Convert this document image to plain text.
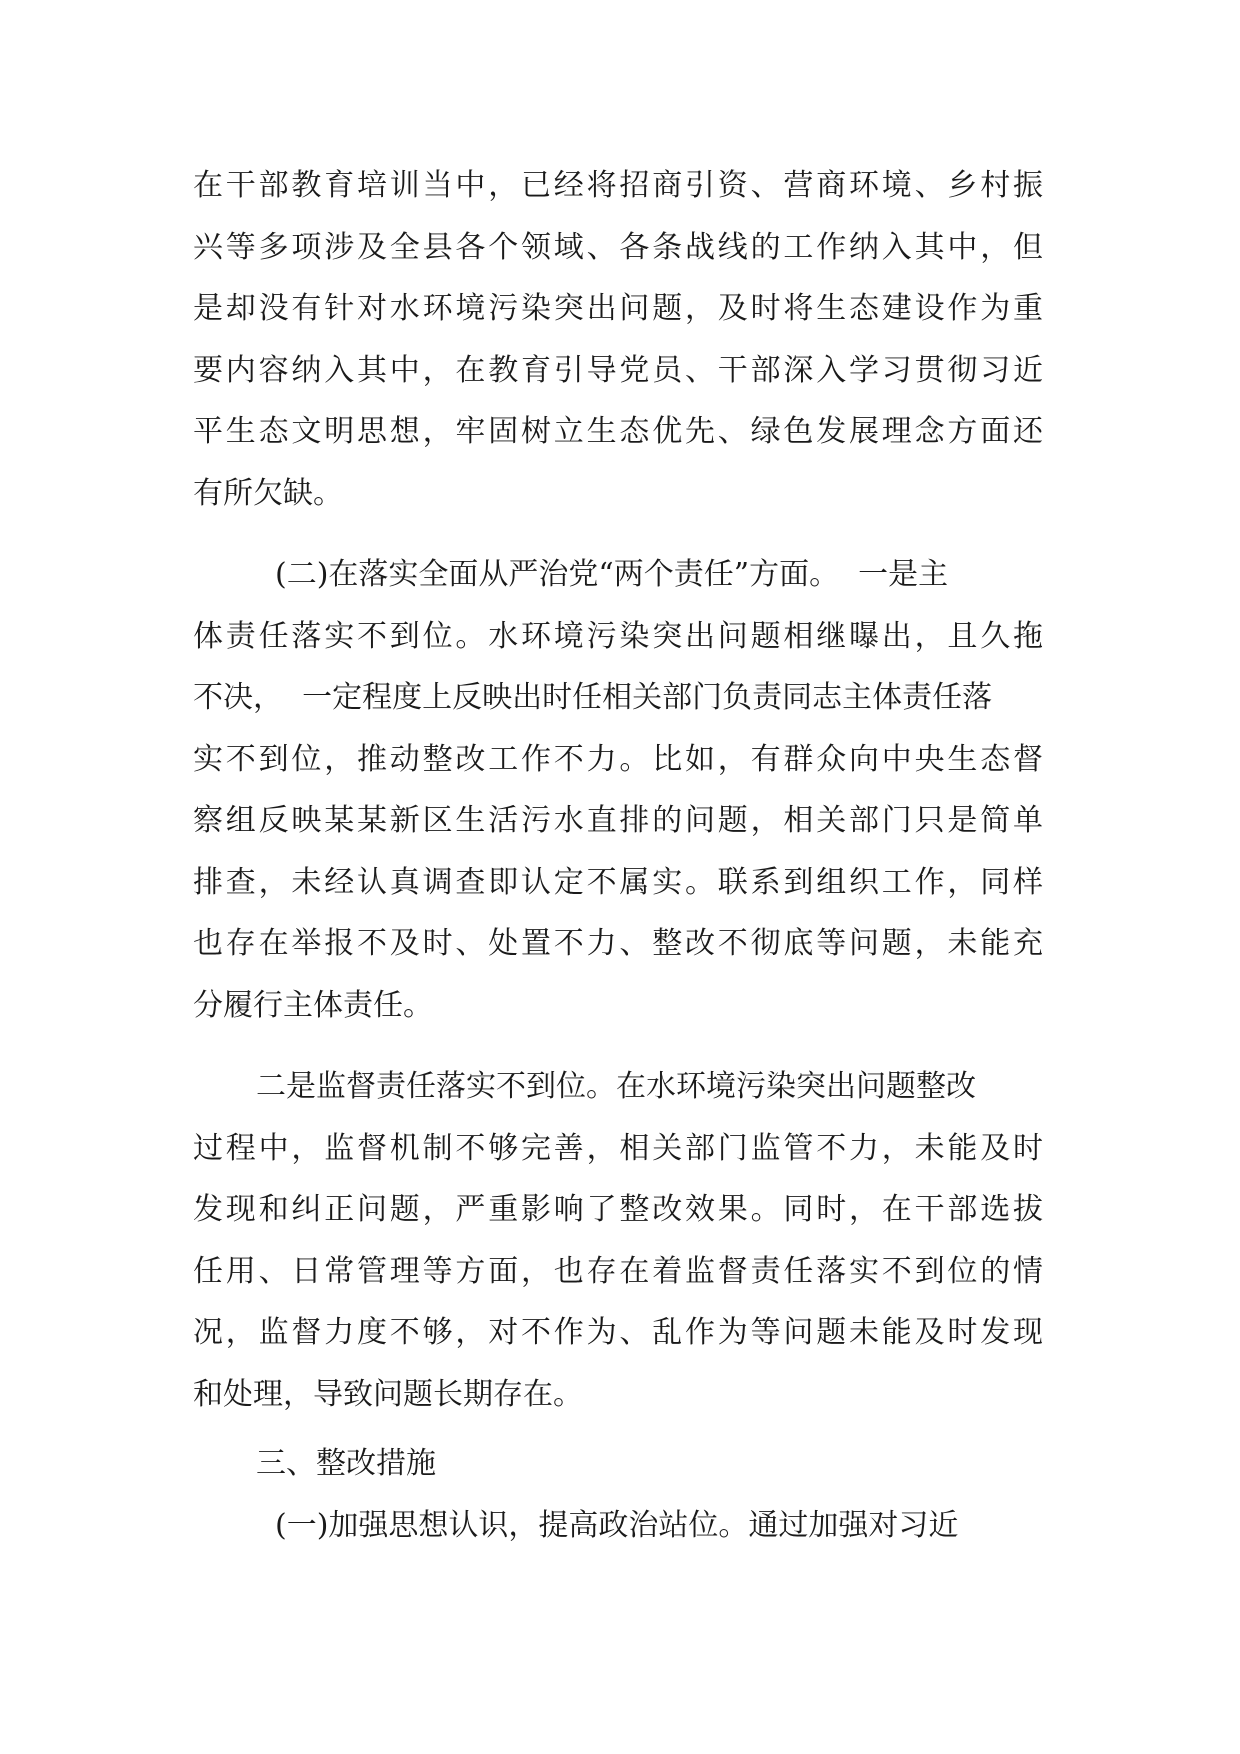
在干部教育培训当中，已经将招商引资、营商环境、乡村振
兴等多项涉及全县各个领域、各条战线的工作纳入其中，但
是却没有针对水环境污染突出问题，及时将生态建设作为重
要内容纳入其中，在教育引导党员、干部深入学习贯彻习近
平生态文明思想，牢固树立生态优先、绿色发展理念方面还
有所欠缺。
(二)在落实全面从严治党“两个责任”方面。  一是主
体责任落实不到位。水环境污染突出问题相继曝出，且久拖
不决，  一定程度上反映出时任相关部门负责同志主体责任落
实不到位，推动整改工作不力。比如，有群众向中央生态督
察组反映某某新区生活污水直排的问题，相关部门只是简单
排查，未经认真调查即认定不属实。联系到组织工作，同样
也存在举报不及时、处置不力、整改不彻底等问题，未能充
分履行主体责任。
二是监督责任落实不到位。在水环境污染突出问题整改
过程中，监督机制不够完善，相关部门监管不力，未能及时
发现和纠正问题，严重影响了整改效果。同时，在干部选拔
任用、日常管理等方面，也存在着监督责任落实不到位的情
况，监督力度不够，对不作为、乱作为等问题未能及时发现
和处理，导致问题长期存在。
三、整改措施
(一)加强思想认识，提高政治站位。通过加强对习近
